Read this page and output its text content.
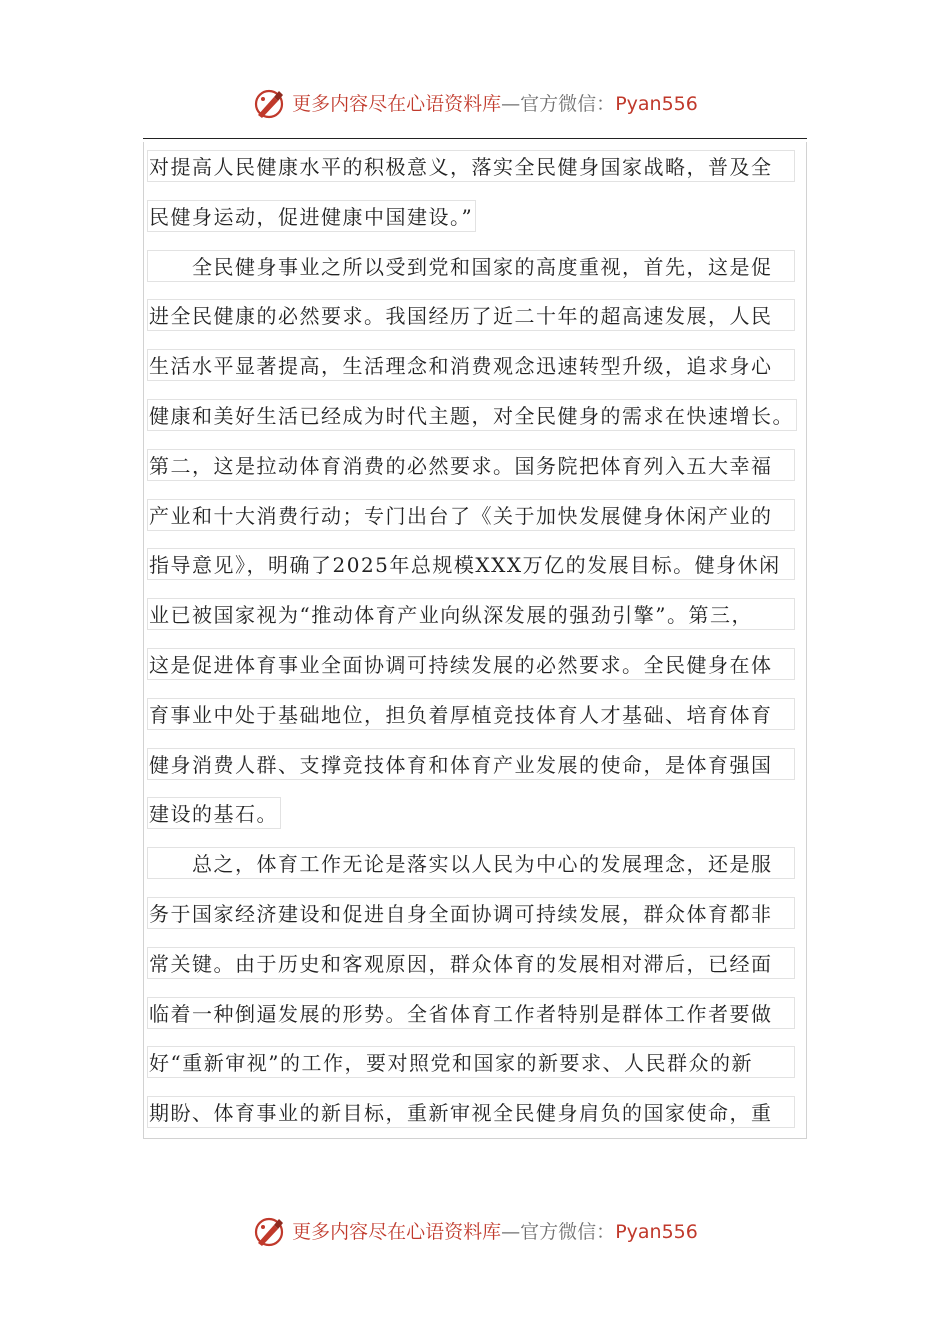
更多内容尽在心语资料库—官方微信：Pyan556
对提高人民健康水平的积极意义，落实全民健身国家战略，普及全
民健身运动，促进健康中国建设。”
全民健身事业之所以受到党和国家的高度重视，首先，这是促
进全民健康的必然要求。我国经历了近二十年的超高速发展，人民
生活水平显著提高，生活理念和消费观念迅速转型升级，追求身心
健康和美好生活已经成为时代主题，对全民健身的需求在快速增长。
第二，这是拉动体育消费的必然要求。国务院把体育列入五大幸福
产业和十大消费行动；专门出台了《关于加快发展健身休闲产业的
指导意见》，明确了2025年总规模XXX万亿的发展目标。健身休闲
业已被国家视为“推动体育产业向纵深发展的强劲引擎”。第三，
这是促进体育事业全面协调可持续发展的必然要求。全民健身在体
育事业中处于基础地位，担负着厚植竞技体育人才基础、培育体育
健身消费人群、支撑竞技体育和体育产业发展的使命，是体育强国
建设的基石。
总之，体育工作无论是落实以人民为中心的发展理念，还是服
务于国家经济建设和促进自身全面协调可持续发展，群众体育都非
常关键。由于历史和客观原因，群众体育的发展相对滞后，已经面
临着一种倒逼发展的形势。全省体育工作者特别是群体工作者要做
好“重新审视”的工作，要对照党和国家的新要求、人民群众的新
期盼、体育事业的新目标，重新审视全民健身肩负的国家使命，重
更多内容尽在心语资料库—官方微信：Pyan556
